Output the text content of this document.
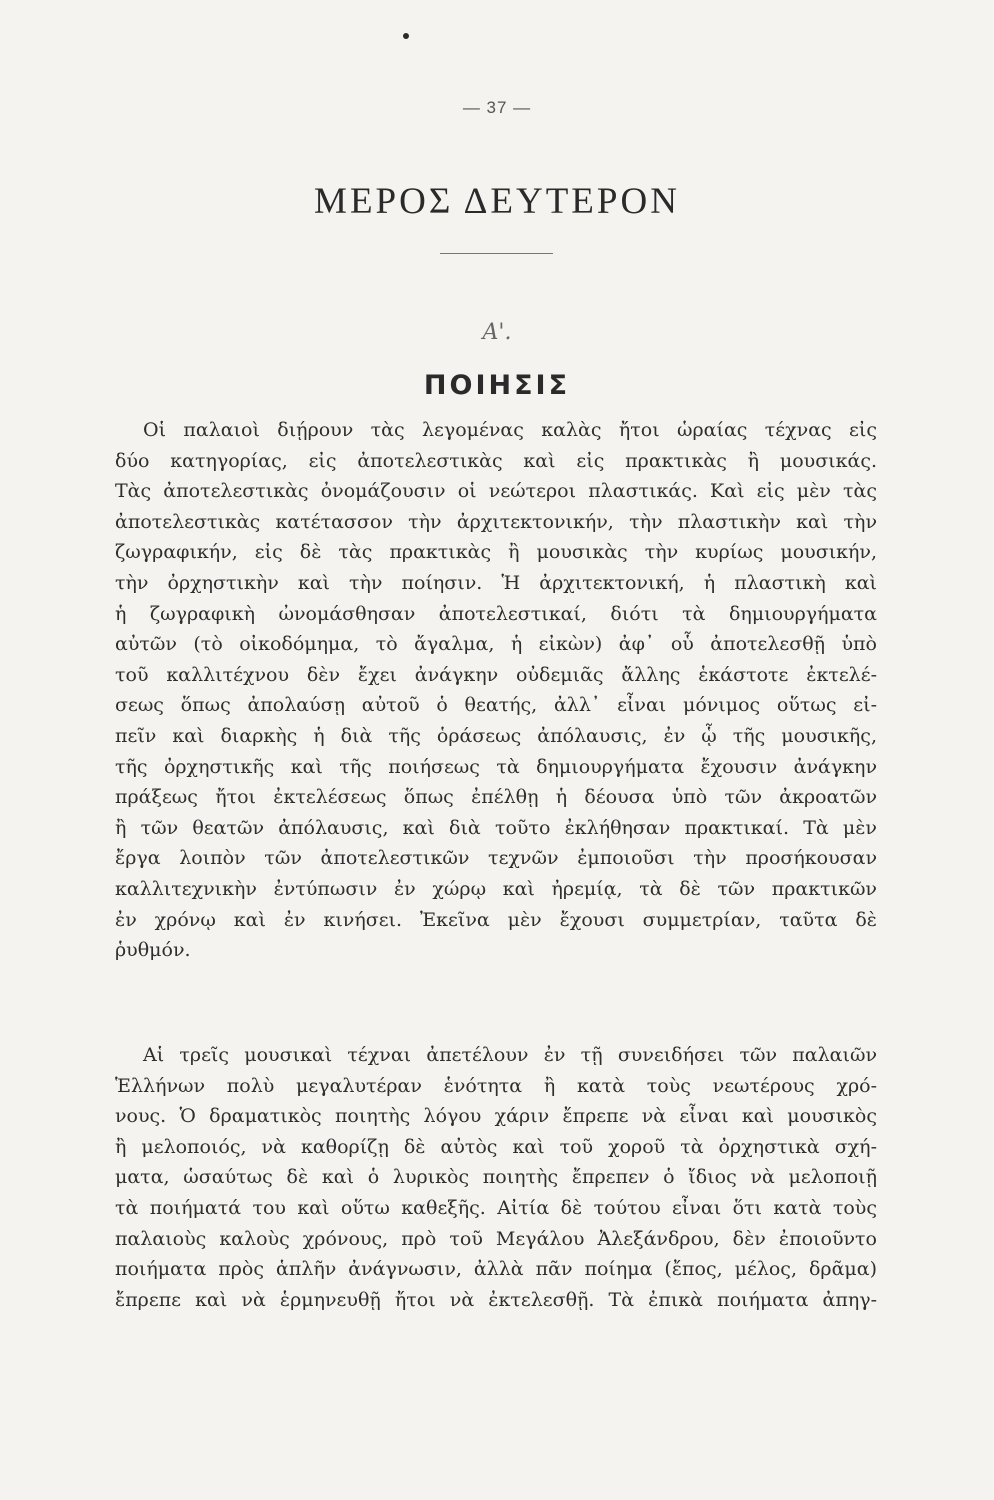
— 37 —
ΜΕΡΟΣ ΔΕΥΤΕΡΟΝ
A'.
ΠΟΙΗΣΙΣ
Οἱ παλαιοὶ διῄρουν τὰς λεγομένας καλὰς ἤτοι ὡραίας τέχνας εἰς
δύο κατηγορίας, εἰς ἀποτελεστικὰς καὶ εἰς πρακτικὰς ἢ μουσικάς.
Τὰς ἀποτελεστικὰς ὀνομάζουσιν οἱ νεώτεροι πλαστικάς. Καὶ εἰς μὲν τὰς
ἀποτελεστικὰς κατέτασσον τὴν ἀρχιτεκτονικήν, τὴν πλαστικὴν καὶ τὴν
ζωγραφικήν, εἰς δὲ τὰς πρακτικὰς ἢ μουσικὰς τὴν κυρίως μουσικήν,
τὴν ὀρχηστικὴν καὶ τὴν ποίησιν. Ἡ ἀρχιτεκτονική, ἡ πλαστικὴ καὶ
ἡ ζωγραφικὴ ὠνομάσθησαν ἀποτελεστικαί, διότι τὰ δημιουργήματα
αὐτῶν (τὸ οἰκοδόμημα, τὸ ἄγαλμα, ἡ εἰκὼν) ἀφ᾽ οὗ ἀποτελεσθῇ ὑπὸ
τοῦ καλλιτέχνου δὲν ἔχει ἀνάγκην οὐδεμιᾶς ἄλλης ἑκάστοτε ἐκτελέ-
σεως ὅπως ἀπολαύσῃ αὐτοῦ ὁ θεατής, ἀλλ᾽ εἶναι μόνιμος οὕτως εἰ-
πεῖν καὶ διαρκὴς ἡ διὰ τῆς ὁράσεως ἀπόλαυσις, ἐν ᾧ τῆς μουσικῆς,
τῆς ὀρχηστικῆς καὶ τῆς ποιήσεως τὰ δημιουργήματα ἔχουσιν ἀνάγκην
πράξεως ἤτοι ἐκτελέσεως ὅπως ἐπέλθῃ ἡ δέουσα ὑπὸ τῶν ἀκροατῶν
ἢ τῶν θεατῶν ἀπόλαυσις, καὶ διὰ τοῦτο ἐκλήθησαν πρακτικαί. Τὰ μὲν
ἔργα λοιπὸν τῶν ἀποτελεστικῶν τεχνῶν ἐμποιοῦσι τὴν προσήκουσαν
καλλιτεχνικὴν ἐντύπωσιν ἐν χώρῳ καὶ ἠρεμίᾳ, τὰ δὲ τῶν πρακτικῶν
ἐν χρόνῳ καὶ ἐν κινήσει. Ἐκεῖνα μὲν ἔχουσι συμμετρίαν, ταῦτα δὲ
ῥυθμόν.
Αἱ τρεῖς μουσικαὶ τέχναι ἀπετέλουν ἐν τῇ συνειδήσει τῶν παλαιῶν
Ἑλλήνων πολὺ μεγαλυτέραν ἑνότητα ἢ κατὰ τοὺς νεωτέρους χρό-
νους. Ὁ δραματικὸς ποιητὴς λόγου χάριν ἔπρεπε νὰ εἶναι καὶ μουσικὸς
ἢ μελοποιός, νὰ καθορίζῃ δὲ αὐτὸς καὶ τοῦ χοροῦ τὰ ὀρχηστικὰ σχή-
ματα, ὡσαύτως δὲ καὶ ὁ λυρικὸς ποιητὴς ἔπρεπεν ὁ ἴδιος νὰ μελοποιῇ
τὰ ποιήματά του καὶ οὕτω καθεξῆς. Αἰτία δὲ τούτου εἶναι ὅτι κατὰ τοὺς
παλαιοὺς καλοὺς χρόνους, πρὸ τοῦ Μεγάλου Ἀλεξάνδρου, δὲν ἐποιοῦντο
ποιήματα πρὸς ἁπλῆν ἀνάγνωσιν, ἀλλὰ πᾶν ποίημα (ἔπος, μέλος, δρᾶμα)
ἔπρεπε καὶ νὰ ἑρμηνευθῇ ἤτοι νὰ ἐκτελεσθῇ. Τὰ ἐπικὰ ποιήματα ἀπηγ-
